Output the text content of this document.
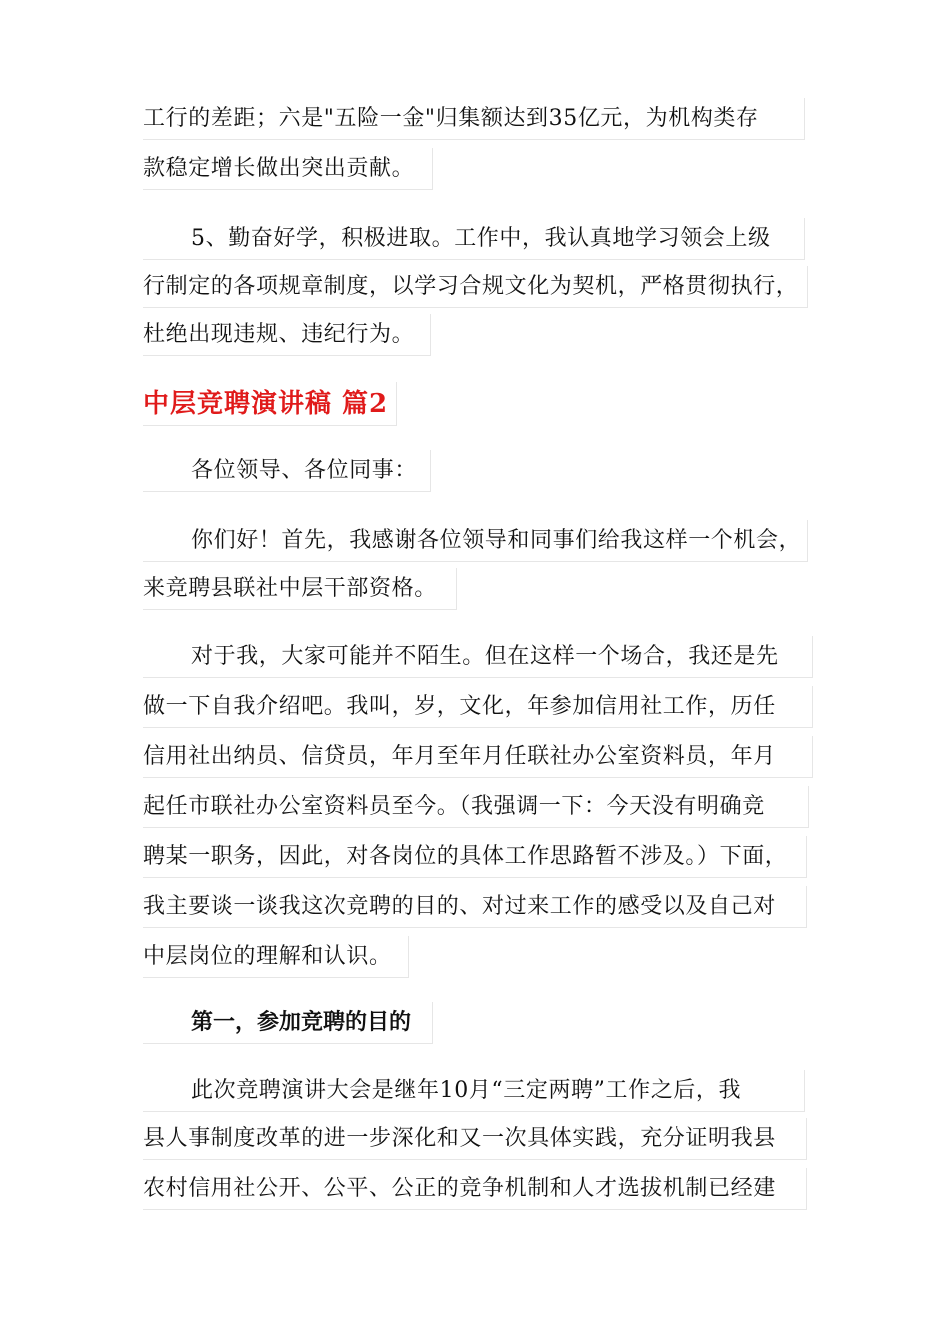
工行的差距；六是"五险一金"归集额达到35亿元，为机构类存
款稳定增长做出突出贡献。
5、勤奋好学，积极进取。工作中，我认真地学习领会上级
行制定的各项规章制度，以学习合规文化为契机，严格贯彻执行，
杜绝出现违规、违纪行为。
中层竞聘演讲稿 篇2
各位领导、各位同事：
你们好！首先，我感谢各位领导和同事们给我这样一个机会，
来竞聘县联社中层干部资格。
对于我，大家可能并不陌生。但在这样一个场合，我还是先
做一下自我介绍吧。我叫，岁，文化，年参加信用社工作，历任
信用社出纳员、信贷员，年月至年月任联社办公室资料员，年月
起任市联社办公室资料员至今。（我强调一下：今天没有明确竞
聘某一职务，因此，对各岗位的具体工作思路暂不涉及。）下面，
我主要谈一谈我这次竞聘的目的、对过来工作的感受以及自己对
中层岗位的理解和认识。
第一，参加竞聘的目的
此次竞聘演讲大会是继年10月“三定两聘”工作之后，我
县人事制度改革的进一步深化和又一次具体实践，充分证明我县
农村信用社公开、公平、公正的竞争机制和人才选拔机制已经建
